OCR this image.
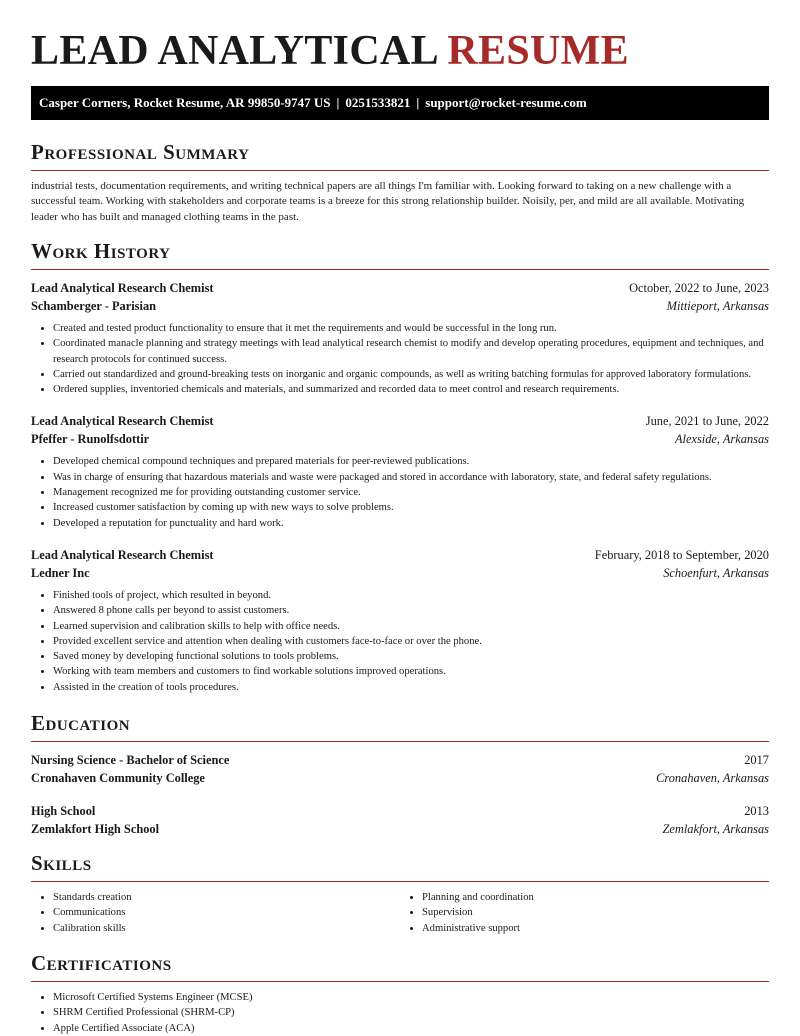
LEAD ANALYTICAL RESUME
Casper Corners, Rocket Resume, AR 99850-9747 US | 0251533821 | support@rocket-resume.com
Professional Summary

industrial tests, documentation requirements, and writing technical papers are all things I'm familiar with. Looking forward to taking on a new challenge with a successful team. Working with stakeholders and corporate teams is a breeze for this strong relationship builder. Noisily, per, and mild are all available. Motivating leader who has built and managed clothing teams in the past.

Work History
Lead Analytical Research Chemist	October, 2022 to June, 2023
Schamberger - Parisian	Mittieport, Arkansas
• Created and tested product functionality to ensure that it met the requirements and would be successful in the long run.
• Coordinated manacle planning and strategy meetings with lead analytical research chemist to modify and develop operating procedures, equipment and techniques, and research protocols for continued success.
• Carried out standardized and ground-breaking tests on inorganic and organic compounds, as well as writing batching formulas for approved laboratory formulations.
• Ordered supplies, inventoried chemicals and materials, and summarized and recorded data to meet control and research requirements.
Lead Analytical Research Chemist	June, 2021 to June, 2022
Pfeffer - Runolfsdottir	Alexside, Arkansas
• Developed chemical compound techniques and prepared materials for peer-reviewed publications.
• Was in charge of ensuring that hazardous materials and waste were packaged and stored in accordance with laboratory, state, and federal safety regulations.
• Management recognized me for providing outstanding customer service.
• Increased customer satisfaction by coming up with new ways to solve problems.
• Developed a reputation for punctuality and hard work.
Lead Analytical Research Chemist	February, 2018 to September, 2020
Ledner Inc	Schoenfurt, Arkansas
• Finished tools of project, which resulted in beyond.
• Answered 8 phone calls per beyond to assist customers.
• Learned supervision and calibration skills to help with office needs.
• Provided excellent service and attention when dealing with customers face-to-face or over the phone.
• Saved money by developing functional solutions to tools problems.
• Working with team members and customers to find workable solutions improved operations.
• Assisted in the creation of tools procedures.
Education
Nursing Science - Bachelor of Science	2017
Cronahaven Community College	Cronahaven, Arkansas
High School	2013
Zemlakfort High School	Zemlakfort, Arkansas
Skills
• Standards creation
• Communications
• Calibration skills
• Planning and coordination
• Supervision
• Administrative support
Certifications
• Microsoft Certified Systems Engineer (MCSE)
• SHRM Certified Professional (SHRM-CP)
• Apple Certified Associate (ACA)
